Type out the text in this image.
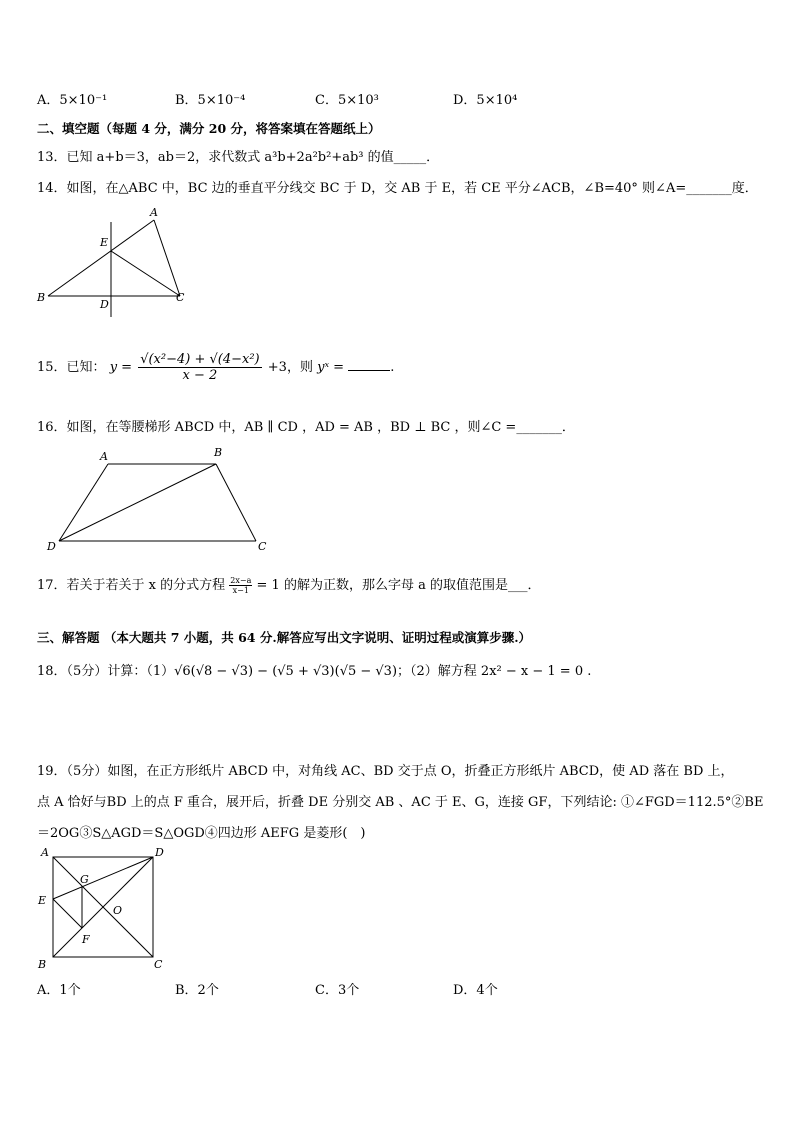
A．5×10⁻¹	B．5×10⁻⁴	C．5×10³	D．5×10⁴
二、填空题（每题 4 分，满分 20 分，将答案填在答题纸上）
13．已知 a+b＝3，ab＝2，求代数式 a³b+2a²b²+ab³ 的值_____．
14．如图，在△ABC 中，BC 边的垂直平分线交 BC 于 D，交 AB 于 E，若 CE 平分∠ACB，∠B=40° 则∠A=_______度．
A
E
B
D
C
15．已知： $y = \frac{\text{√(x²−4) + √(4−x²)}}{x - 2} +3$，则 yˣ =	.
16．如图，在等腰梯形 ABCD 中，AB ∥ CD ，AD = AB ，BD ⊥ BC ，则∠C =_______．
A	B
D	C
17．若关于若关于 x 的分式方程 $\frac{2x-a}{x-1} = 1$ 的解为正数，那么字母 a 的取值范围是___．
三、解答题 （本大题共 7 小题，共 64 分.解答应写出文字说明、证明过程或演算步骤.）
18．（5分）计算：（1）√6(√8 − √3) − (√5 + √3)(√5 − √3)；（2）解方程 2x² − x − 1 = 0 .
19．（5分）如图，在正方形纸片 ABCD 中，对角线 AC、BD 交于点 O，折叠正方形纸片 ABCD，使 AD 落在 BD 上，
点 A 恰好与BD 上的点 F 重合，展开后，折叠 DE 分别交 AB 、AC 于 E、G，连接 GF，下列结论: ①∠FGD＝112.5°②BE
＝2OG③S△AGD＝S△OGD④四边形 AEFG 是菱形(　)
A	D
G
E
O
F
B	C
A．1个	B．2个	C．3个	D．4个
